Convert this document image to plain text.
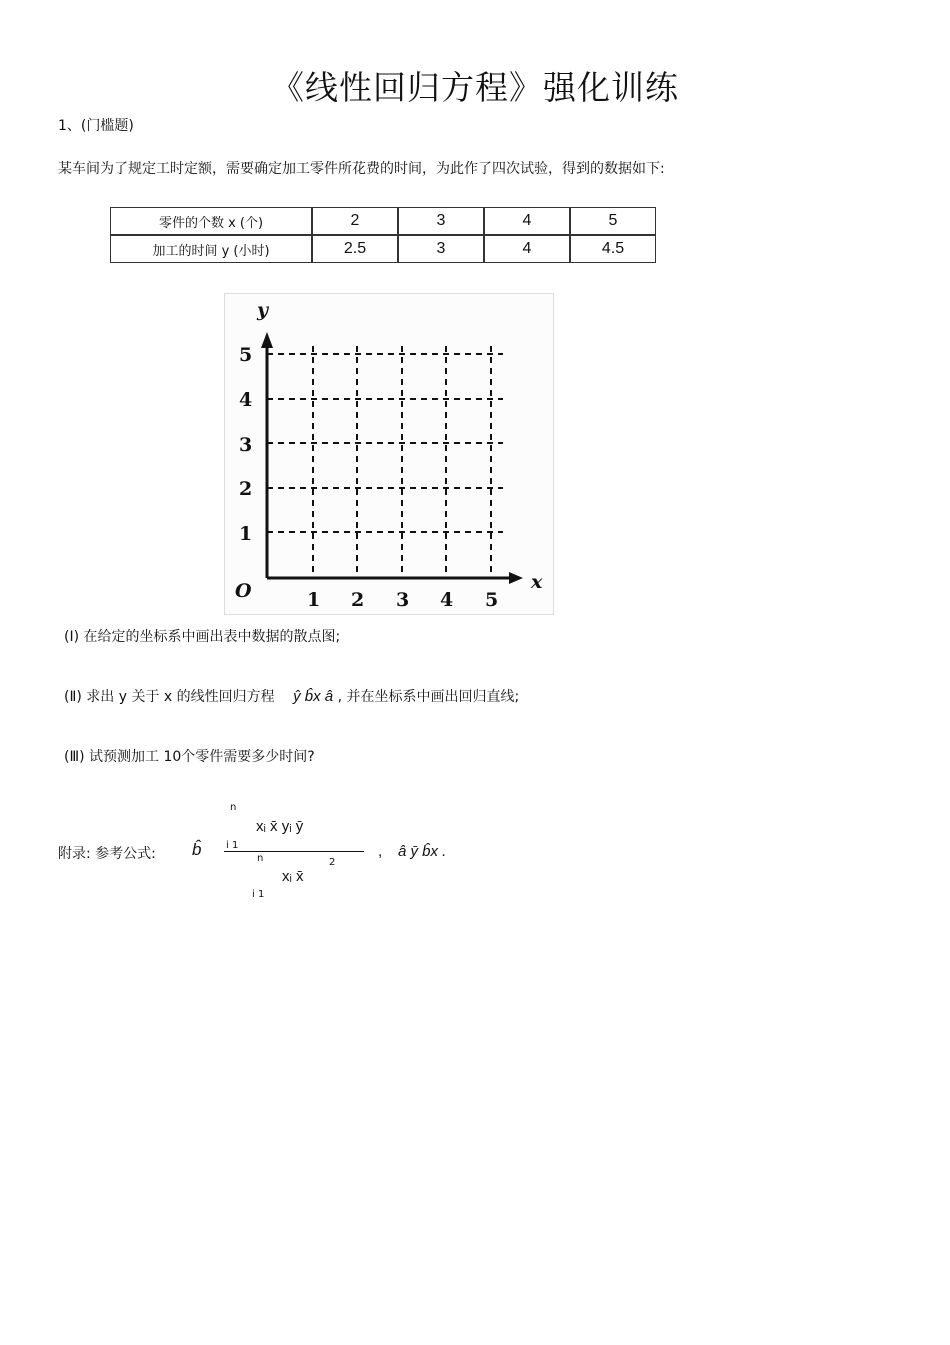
《线性回归方程》强化训练
1、(门槛题)
某车间为了规定工时定额，需要确定加工零件所花费的时间，为此作了四次试验，得到的数据如下:
零件的个数 x (个)	2	3	4	5
加工的时间 y (小时)	2.5	3	4	4.5
y
x
O
5
4
3
2
1
1 2 3 4 5
(Ⅰ) 在给定的坐标系中画出表中数据的散点图;
(Ⅱ) 求出 y 关于 x 的线性回归方程 ŷ b̂x â , 并在坐标系中画出回归直线;
(Ⅲ) 试预测加工 10个零件需要多少时间?
附录: 参考公式: b̂
n
i 1
xᵢ x̄ yᵢ ȳ
n
xᵢ x̄
2
i 1
, â ȳ b̂x .
